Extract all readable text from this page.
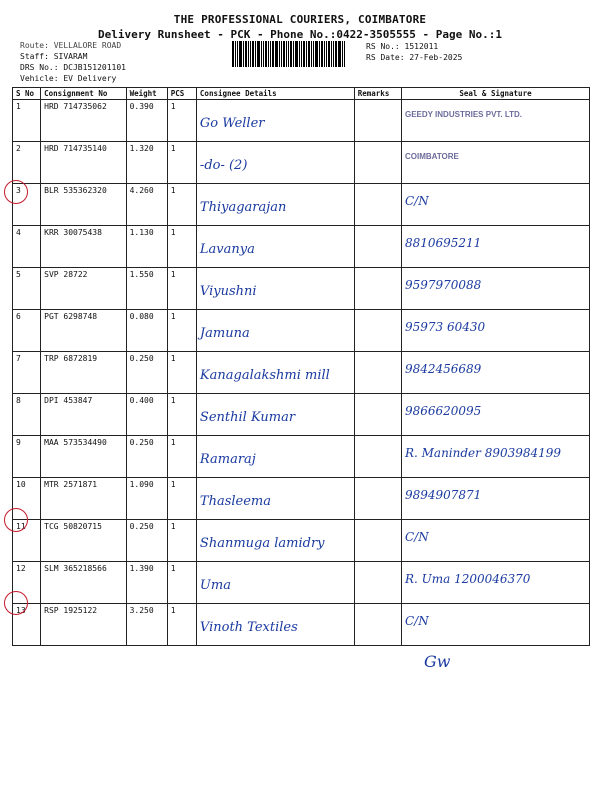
THE PROFESSIONAL COURIERS, COIMBATORE
Delivery Runsheet - PCK - Phone No.:0422-3505555 - Page No.:1
Route: VELLALORE ROAD
Staff: SIVARAM
DRS No.: DCJB151201101
Vehicle: EV Delivery
RS No.: 1512011
RS Date: 27-Feb-2025
S No	Consignment No	Weight	PCS	Consignee Details	Remarks	Seal & Signature
1	HRD 714735062	0.390	1	Go Weller		GEEDY INDUSTRIES PVT. LTD.

2	HRD 714735140	1.320	1	-do- (2)		COIMBATORE

3	BLR 535362320	4.260	1	Thiyagarajan		C/N

4	KRR 30075438	1.130	1	Lavanya		8810695211

5	SVP 28722	1.550	1	Viyushni		9597970088

6	PGT 6298748	0.080	1	Jamuna		95973 60430

7	TRP 6872819	0.250	1	Kanagalakshmi mill		9842456689

8	DPI 453847	0.400	1	Senthil Kumar		9866620095

9	MAA 573534490	0.250	1	Ramaraj		R. Maninder 8903984199

10	MTR 2571871	1.090	1	Thasleema		9894907871

11	TCG 50820715	0.250	1	Shanmuga lamidry		C/N

12	SLM 365218566	1.390	1	Uma		R. Uma 1200046370

13	RSP 1925122	3.250	1	Vinoth Textiles		C/N
Gw
